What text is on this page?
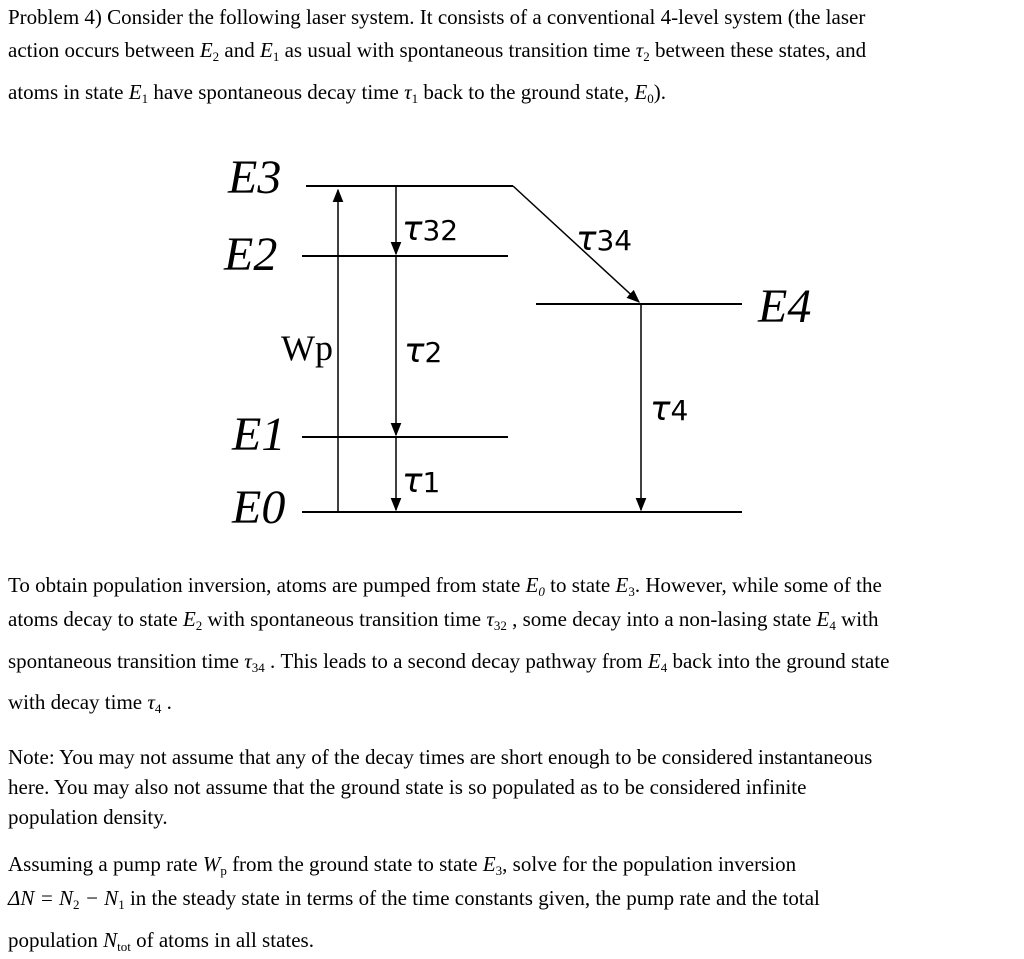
Problem 4) Consider the following laser system. It consists of a conventional 4-level system (the laser
action occurs between $E_2$ and $E_1$ as usual with spontaneous transition time $\tau_2$ between these states, and
atoms in state $E_1$ have spontaneous decay time $\tau_1$ back to the ground state, $E_0$).
E3
E2
E1
E0
E4
Wp
τ32	τ34
τ2
τ4
τ1
To obtain population inversion, atoms are pumped from state $E_0$ to state $E_3$. However, while some of the
atoms decay to state $E_2$ with spontaneous transition time $\tau_{32}$ , some decay into a non-lasing state $E_4$ with
spontaneous transition time $\tau_{34}$ . This leads to a second decay pathway from $E_4$ back into the ground state
with decay time $\tau_4$ .
Note: You may not assume that any of the decay times are short enough to be considered instantaneous
here. You may also not assume that the ground state is so populated as to be considered infinite
population density.
Assuming a pump rate $W_p$ from the ground state to state $E_3$, solve for the population inversion
$\Delta N = N_2 - N_1$ in the steady state in terms of the time constants given, the pump rate and the total
population $N_{tot}$ of atoms in all states.
